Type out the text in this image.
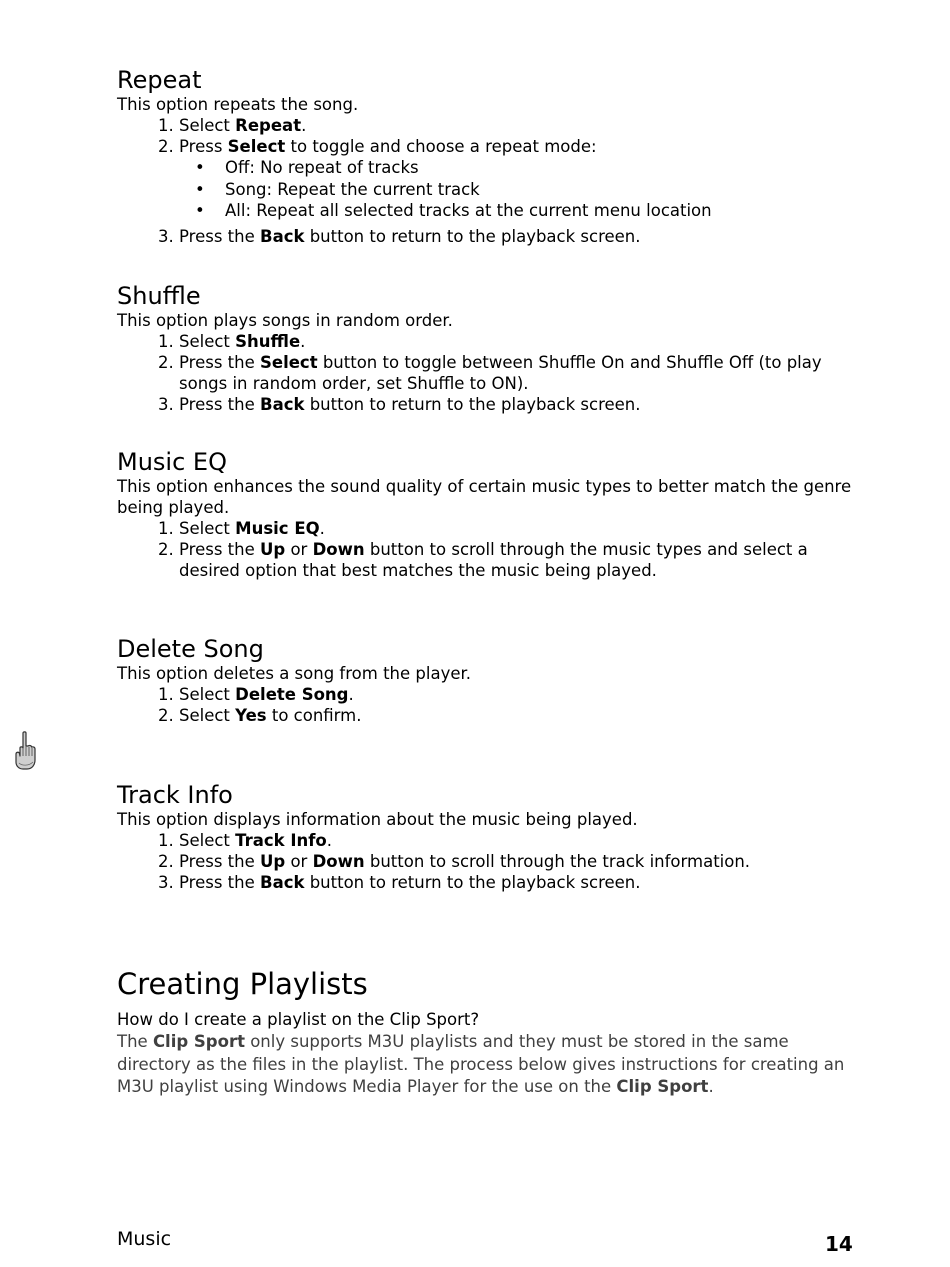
Repeat

This option repeats the song.

1. Select Repeat.
2. Press Select to toggle and choose a repeat mode:
• Off: No repeat of tracks
• Song: Repeat the current track
• All: Repeat all selected tracks at the current menu location
3. Press the Back button to return to the playback screen.
Shuffle

This option plays songs in random order.

1. Select Shuffle.
2. Press the Select button to toggle between Shuffle On and Shuffle Off (to play songs in random order, set Shuffle to ON).
3. Press the Back button to return to the playback screen.
Music EQ

This option enhances the sound quality of certain music types to better match the genre being played.

1. Select Music EQ.
2. Press the Up or Down button to scroll through the music types and select a desired option that best matches the music being played.
Delete Song

This option deletes a song from the player.

1. Select Delete Song.
2. Select Yes to confirm.
Track Info

This option displays information about the music being played.

1. Select Track Info.
2. Press the Up or Down button to scroll through the track information.
3. Press the Back button to return to the playback screen.
Creating Playlists

How do I create a playlist on the Clip Sport?

The Clip Sport only supports M3U playlists and they must be stored in the same directory as the files in the playlist. The process below gives instructions for creating an M3U playlist using Windows Media Player for the use on the Clip Sport.

Music	14
